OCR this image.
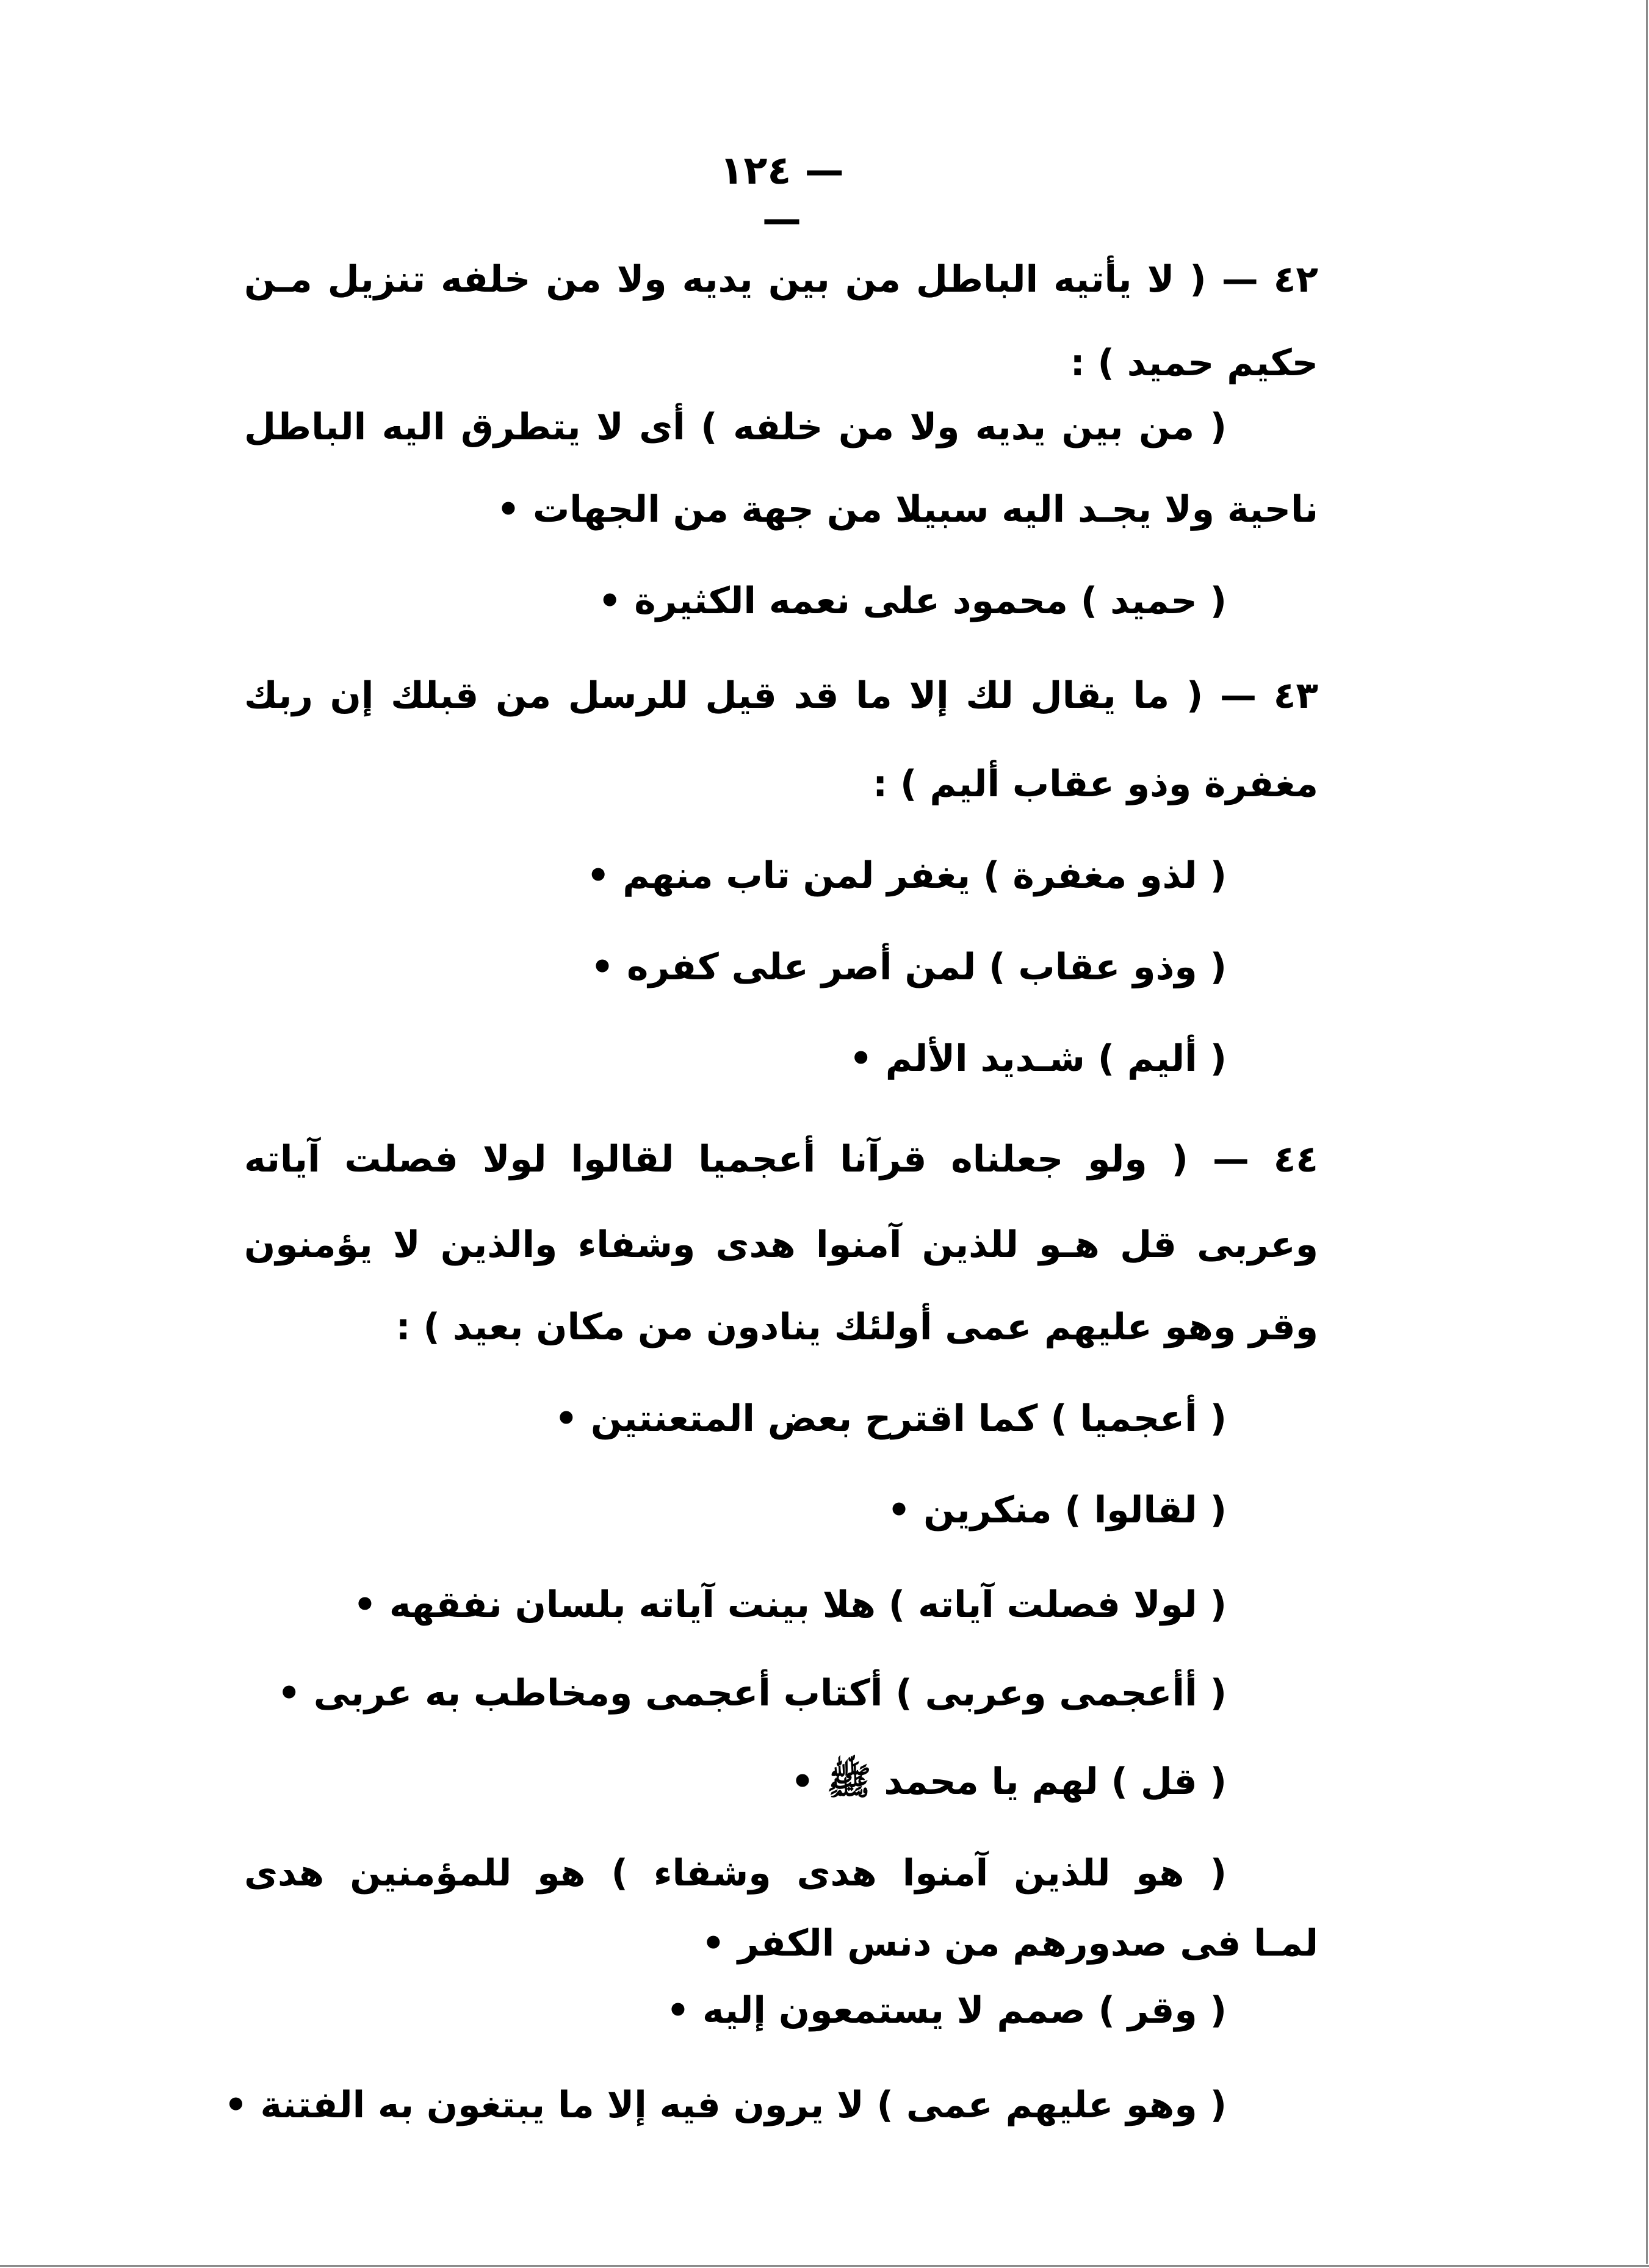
— ١٢٤ —

٤٢ — ( لا يأتيه الباطل من بين يديه ولا من خلفه تنزيل مـن

حكيم حميد ) :

( من بين يديه ولا من خلفه ) أى لا يتطرق اليه الباطل

ناحية ولا يجـد اليه سبيلا من جهة من الجهات •

( حميد ) محمود على نعمه الكثيرة •

٤٣ — ( ما يقال لك إلا ما قد قيل للرسل من قبلك إن ربك

مغفرة وذو عقاب أليم ) :

( لذو مغفرة ) يغفر لمن تاب منهم •

( وذو عقاب ) لمن أصر على كفره •

( أليم ) شـديد الألم •

٤٤ — ( ولو جعلناه قرآنا أعجميا لقالوا لولا فصلت آياته

وعربى قل هـو للذين آمنوا هدى وشفاء والذين لا يؤمنون

وقر وهو عليهم عمى أولئك ينادون من مكان بعيد ) :

( أعجميا ) كما اقترح بعض المتعنتين •

( لقالوا ) منكرين •

( لولا فصلت آياته ) هلا بينت آياته بلسان نفقهه •

( أأعجمى وعربى ) أكتاب أعجمى ومخاطب به عربى •

( قل ) لهم يا محمد ﷺ •

( هو للذين آمنوا هدى وشفاء ) هو للمؤمنين هدى

لمـا فى صدورهم من دنس الكفر •

( وقر ) صمم لا يستمعون إليه •

( وهو عليهم عمى ) لا يرون فيه إلا ما يبتغون به الفتنة •
